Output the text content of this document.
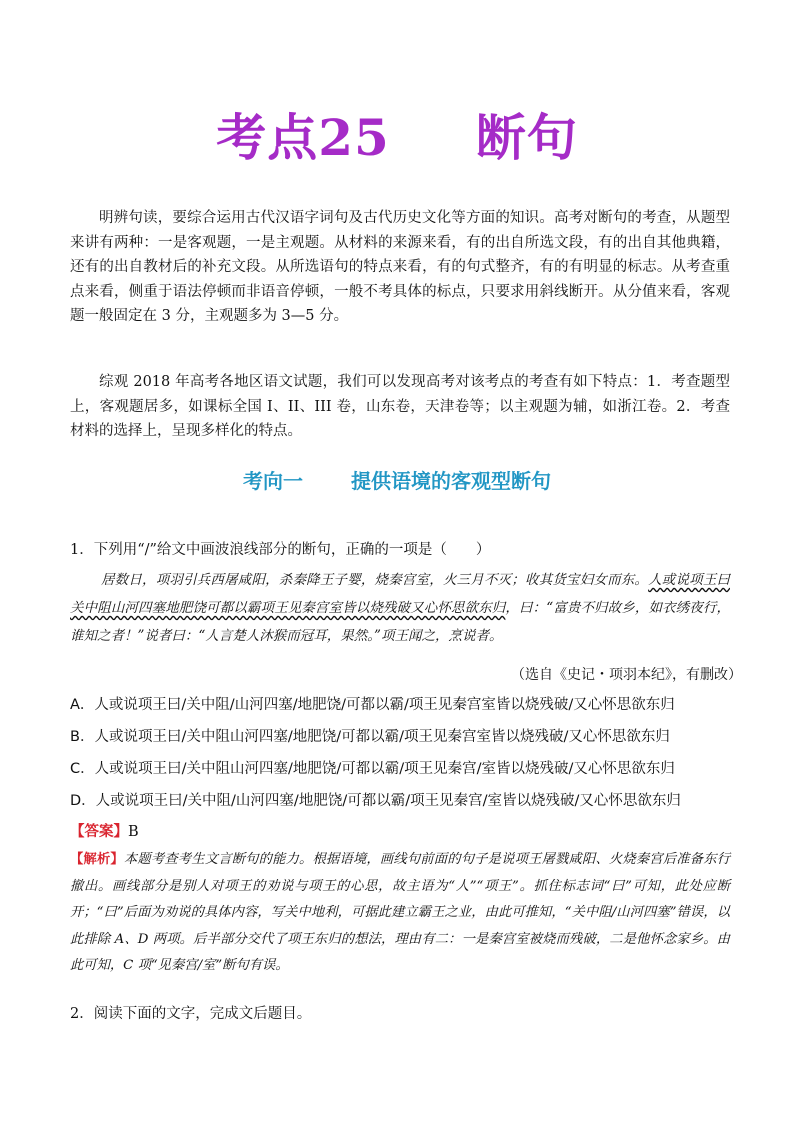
考点25 断句
明辨句读，要综合运用古代汉语字词句及古代历史文化等方面的知识。高考对断句的考查，从题型来讲有两种：一是客观题，一是主观题。从材料的来源来看，有的出自所选文段，有的出自其他典籍，还有的出自教材后的补充文段。从所选语句的特点来看，有的句式整齐，有的有明显的标志。从考查重点来看，侧重于语法停顿而非语音停顿，一般不考具体的标点，只要求用斜线断开。从分值来看，客观题一般固定在 3 分，主观题多为 3—5 分。
综观 2018 年高考各地区语文试题，我们可以发现高考对该考点的考查有如下特点：1．考查题型上，客观题居多，如课标全国 I、II、III 卷，山东卷，天津卷等；以主观题为辅，如浙江卷。2．考查材料的选择上，呈现多样化的特点。
考向一 提供语境的客观型断句
1．下列用“/”给文中画波浪线部分的断句，正确的一项是（　　）
居数日，项羽引兵西屠咸阳，杀秦降王子婴，烧秦宫室，火三月不灭；收其货宝妇女而东。人或说项王曰关中阻山河四塞地肥饶可都以霸项王见秦宫室皆以烧残破又心怀思欲东归，曰：“富贵不归故乡，如衣绣夜行，谁知之者！”说者曰：“人言楚人沐猴而冠耳，果然。”项王闻之，烹说者。
（选自《史记・项羽本纪》，有删改）
A．人或说项王曰/关中阻/山河四塞/地肥饶/可都以霸/项王见秦宫室皆以烧残破/又心怀思欲东归
B．人或说项王曰/关中阻山河四塞/地肥饶/可都以霸/项王见秦宫室皆以烧残破/又心怀思欲东归
C．人或说项王曰/关中阻山河四塞/地肥饶/可都以霸/项王见秦宫/室皆以烧残破/又心怀思欲东归
D．人或说项王曰/关中阻/山河四塞/地肥饶/可都以霸/项王见秦宫/室皆以烧残破/又心怀思欲东归
【答案】B
【解析】本题考查考生文言断句的能力。根据语境，画线句前面的句子是说项王屠戮咸阳、火烧秦宫后准备东行撤出。画线部分是别人对项王的劝说与项王的心思，故主语为“人”“项王”。抓住标志词“曰”可知，此处应断开；“曰”后面为劝说的具体内容，写关中地利，可据此建立霸王之业，由此可推知，“关中阻/山河四塞”错误，以此排除 A、D 两项。后半部分交代了项王东归的想法，理由有二：一是秦宫室被烧而残破，二是他怀念家乡。由此可知，C 项“见秦宫/室”断句有误。
2．阅读下面的文字，完成文后题目。
